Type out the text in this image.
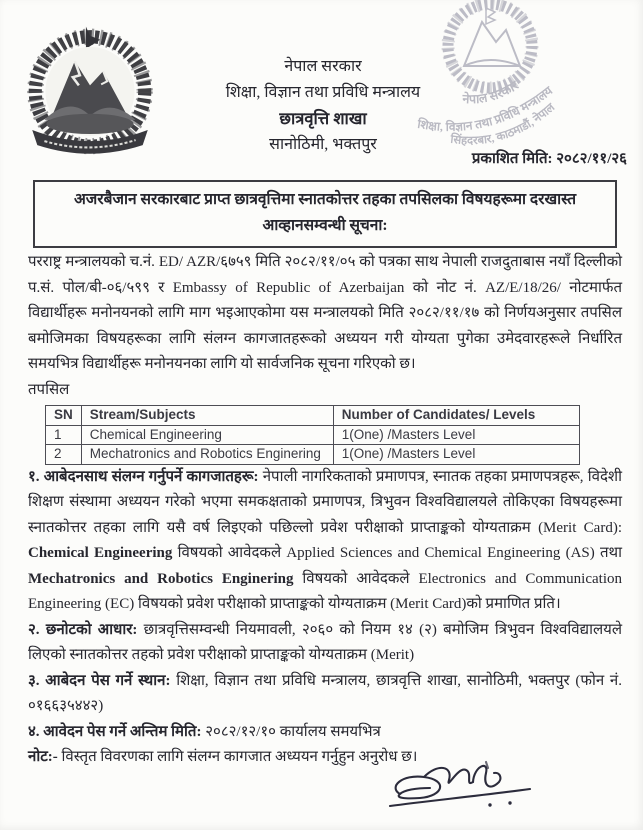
नेपाल सरकार
शिक्षा, विज्ञान तथा प्रविधि मन्त्रालय
छात्रवृत्ति शाखा
सानोठिमी, भक्तपुर
नेपाल सरकार
शिक्षा, विज्ञान तथा प्रविधि मन्त्रालय
सिंहदरबार, काठमाडौं, नेपाल
प्रकाशित मिति: २०८२/११/२६
अजरबैजान सरकारबाट प्राप्त छात्रवृत्तिमा स्नातकोत्तर तहका तपसिलका विषयहरूमा दरखास्त
आव्हानसम्वन्धी सूचना:

परराष्ट्र मन्त्रालयको च.नं. ED/ AZR/६७५९ मिति २०८२/११/०५ को पत्रका साथ नेपाली राजदुताबास नयाँ दिल्लीको प.सं. पोल/बी-०६/५९९ र Embassy of Republic of Azerbaijan को नोट नं. AZ/E/18/26/ नोटमार्फत विद्यार्थीहरू मनोनयनको लागि माग भइआएकोमा यस मन्त्रालयको मिति २०८२/११/१७ को निर्णयअनुसार तपसिल बमोजिमका विषयहरूका लागि संलग्न कागजातहरूको अध्ययन गरी योग्यता पुगेका उमेदवारहरूले निर्धारित समयभित्र विद्यार्थीहरू मनोनयनका लागि यो सार्वजनिक सूचना गरिएको छ।

तपसिल

SN	Stream/Subjects	Number of Candidates/ Levels
1	Chemical Engineering	1(One) /Masters Level
2	Mechatronics and Robotics Enginering	1(One) /Masters Level

१. आबेदनसाथ संलग्न गर्नुपर्ने कागजातहरू: नेपाली नागरिकताको प्रमाणपत्र, स्नातक तहका प्रमाणपत्रहरू, विदेशी शिक्षण संस्थामा अध्ययन गरेको भएमा समकक्षताको प्रमाणपत्र, त्रिभुवन विश्वविद्यालयले तोकिएका विषयहरूमा स्नातकोत्तर तहका लागि यसै वर्ष लिइएको पछिल्लो प्रवेश परीक्षाको प्राप्ताङ्कको योग्यताक्रम (Merit Card): Chemical Engineering विषयको आवेदकले Applied Sciences and Chemical Engineering (AS) तथा Mechatronics and Robotics Enginering विषयको आवेदकले Electronics and Communication Engineering (EC) विषयको प्रवेश परीक्षाको प्राप्ताङ्कको योग्यताक्रम (Merit Card)को प्रमाणित प्रति।

२. छनोटको आधार: छात्रवृत्तिसम्वन्धी नियमावली, २०६० को नियम १४ (२) बमोजिम त्रिभुवन विश्वविद्यालयले लिएको स्नातकोत्तर तहको प्रवेश परीक्षाको प्राप्ताङ्कको योग्यताक्रम (Merit)

३. आबेदन पेस गर्ने स्थान: शिक्षा, विज्ञान तथा प्रविधि मन्त्रालय, छात्रवृत्ति शाखा, सानोठिमी, भक्तपुर (फोन नं. ०१६६३५४४२)

४. आवेदन पेस गर्ने अन्तिम मिति: २०८२/१२/१० कार्यालय समयभित्र

नोट:- विस्तृत विवरणका लागि संलग्न कागजात अध्ययन गर्नुहुन अनुरोध छ।
